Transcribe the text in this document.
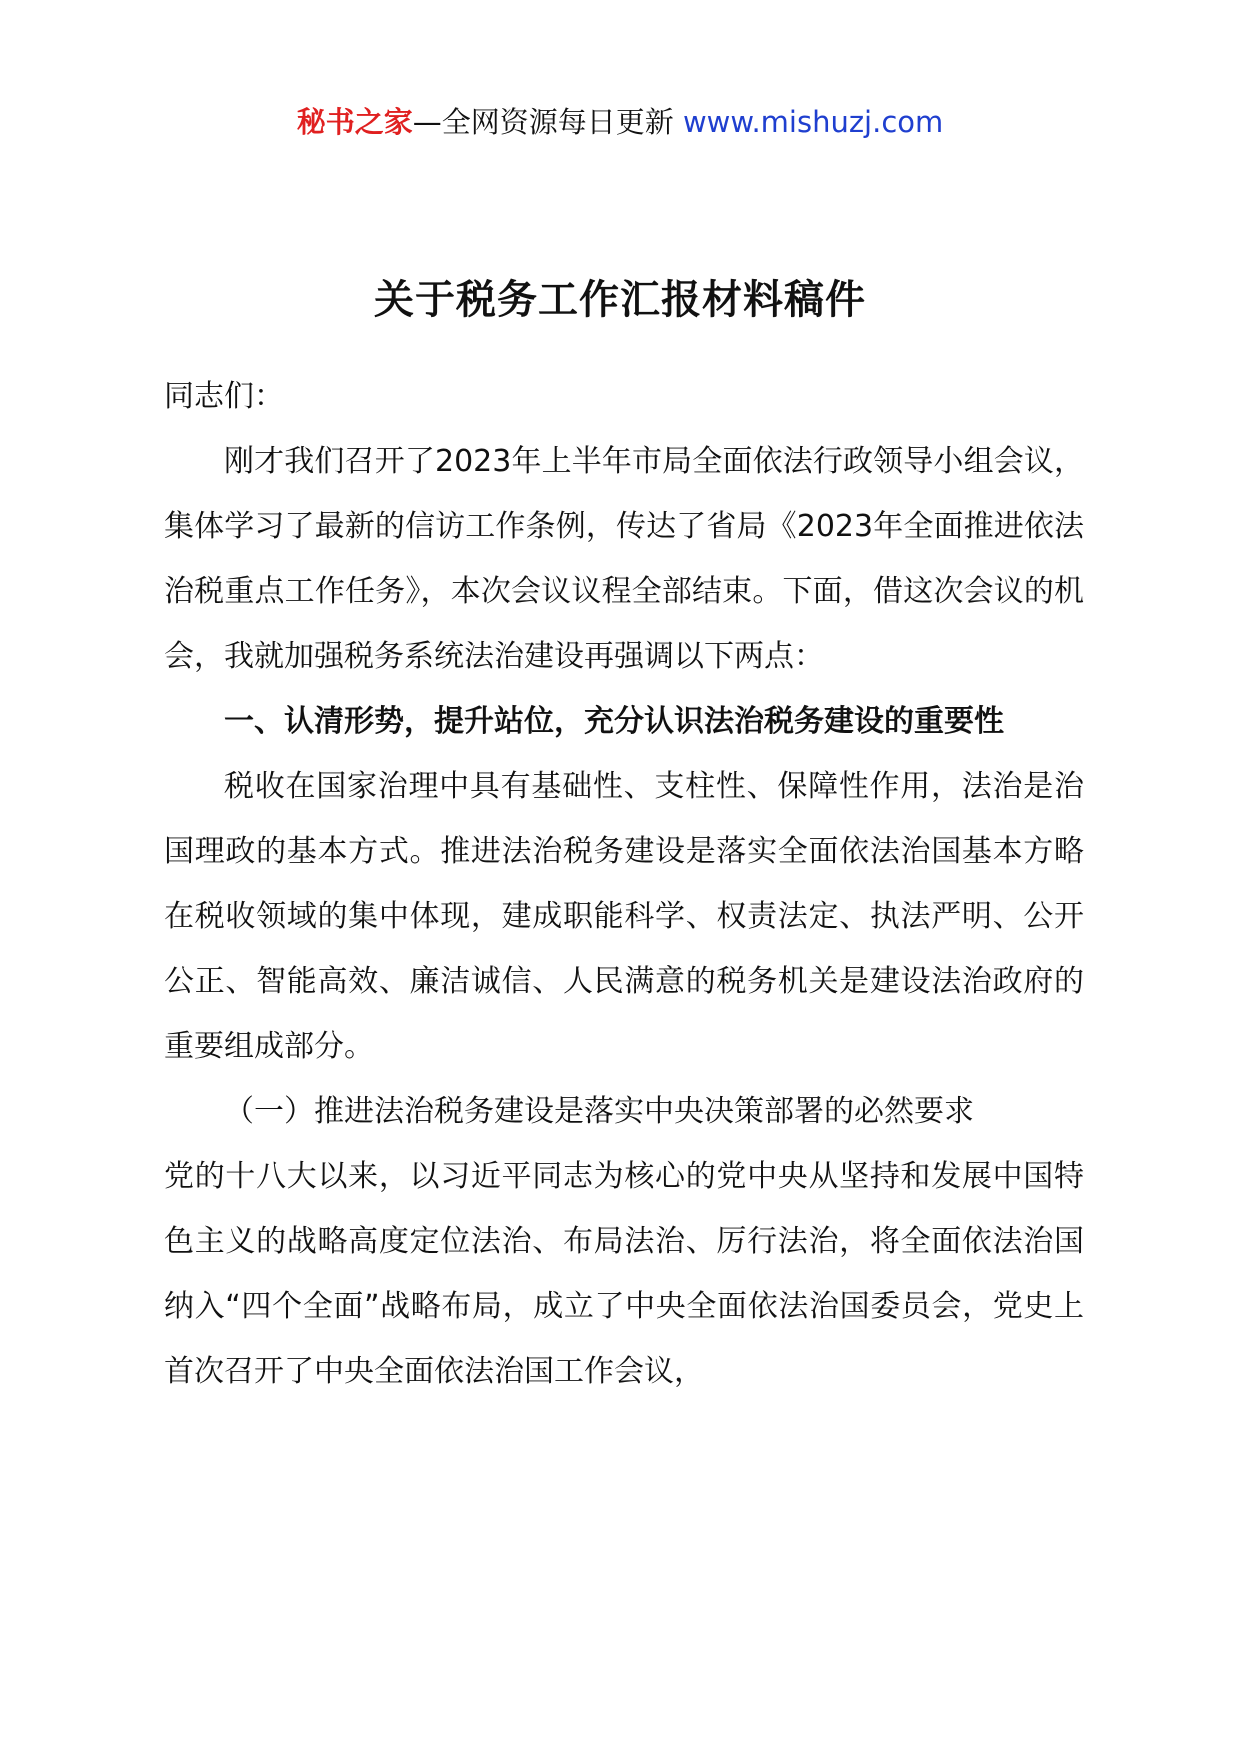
秘书之家—全网资源每日更新 www.mishuzj.com
关于税务工作汇报材料稿件

同志们：

刚才我们召开了2023年上半年市局全面依法行政领导小组会议，集体学习了最新的信访工作条例，传达了省局《2023年全面推进依法治税重点工作任务》，本次会议议程全部结束。下面，借这次会议的机会，我就加强税务系统法治建设再强调以下两点：

一、认清形势，提升站位，充分认识法治税务建设的重要性

税收在国家治理中具有基础性、支柱性、保障性作用，法治是治国理政的基本方式。推进法治税务建设是落实全面依法治国基本方略在税收领域的集中体现，建成职能科学、权责法定、执法严明、公开公正、智能高效、廉洁诚信、人民满意的税务机关是建设法治政府的重要组成部分。

（一）推进法治税务建设是落实中央决策部署的必然要求

党的十八大以来，以习近平同志为核心的党中央从坚持和发展中国特色主义的战略高度定位法治、布局法治、厉行法治，将全面依法治国纳入“四个全面”战略布局，成立了中央全面依法治国委员会，党史上首次召开了中央全面依法治国工作会议，
